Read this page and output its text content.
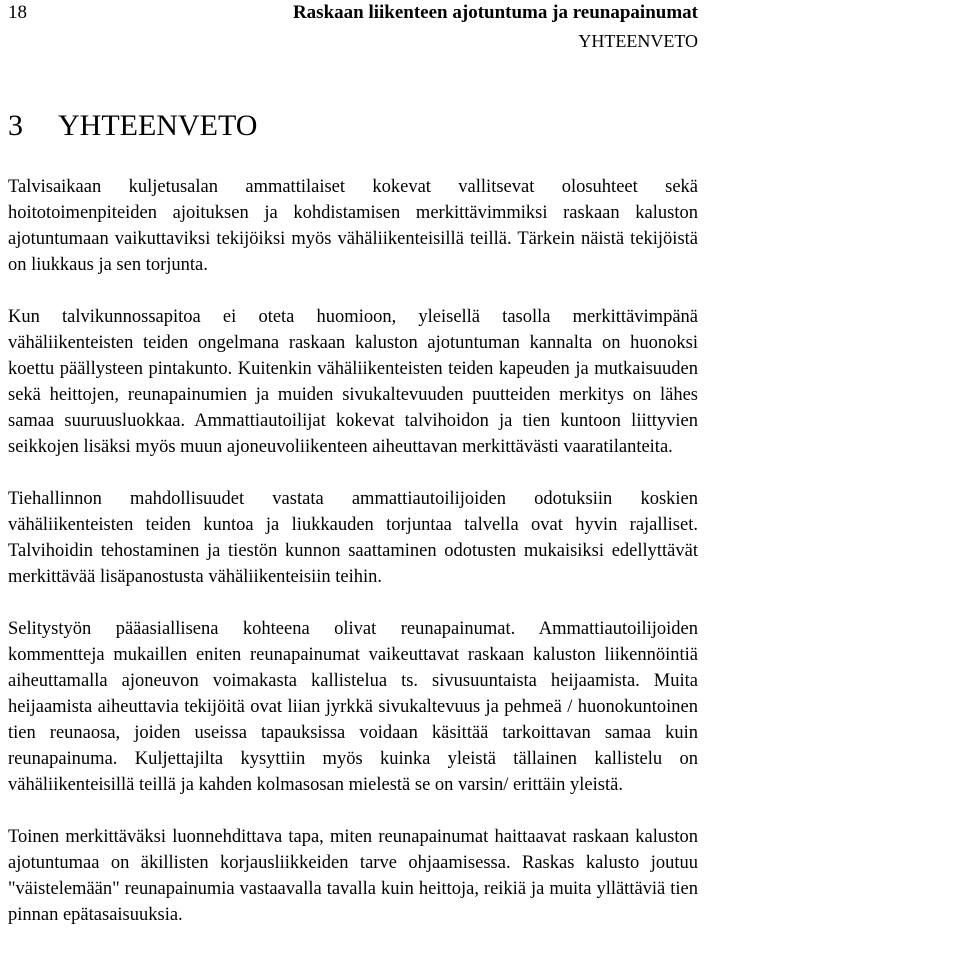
18	Raskaan liikenteen ajotuntuma ja reunapainumat
YHTEENVETO
3 YHTEENVETO

Talvisaikaan kuljetusalan ammattilaiset kokevat vallitsevat olosuhteet sekä hoitotoimenpiteiden ajoituksen ja kohdistamisen merkittävimmiksi raskaan kaluston ajotuntumaan vaikuttaviksi tekijöiksi myös vähäliikenteisillä teillä. Tärkein näistä tekijöistä on liukkaus ja sen torjunta.

Kun talvikunnossapitoa ei oteta huomioon, yleisellä tasolla merkittävimpänä vähäliikenteisten teiden ongelmana raskaan kaluston ajotuntuman kannalta on huonoksi koettu päällysteen pintakunto. Kuitenkin vähäliikenteisten teiden kapeuden ja mutkaisuuden sekä heittojen, reunapainumien ja muiden sivukaltevuuden puutteiden merkitys on lähes samaa suuruusluokkaa. Ammattiautoilijat kokevat talvihoidon ja tien kuntoon liittyvien seikkojen lisäksi myös muun ajoneuvoliikenteen aiheuttavan merkittävästi vaaratilanteita.

Tiehallinnon mahdollisuudet vastata ammattiautoilijoiden odotuksiin koskien vähäliikenteisten teiden kuntoa ja liukkauden torjuntaa talvella ovat hyvin rajalliset. Talvihoidin tehostaminen ja tiestön kunnon saattaminen odotusten mukaisiksi edellyttävät merkittävää lisäpanostusta vähäliikenteisiin teihin.

Selitystyön pääasiallisena kohteena olivat reunapainumat. Ammattiautoilijoiden kommentteja mukaillen eniten reunapainumat vaikeuttavat raskaan kaluston liikennöintiä aiheuttamalla ajoneuvon voimakasta kallistelua ts. sivusuuntaista heijaamista. Muita heijaamista aiheuttavia tekijöitä ovat liian jyrkkä sivukaltevuus ja pehmeä / huonokuntoinen tien reunaosa, joiden useissa tapauksissa voidaan käsittää tarkoittavan samaa kuin reunapainuma. Kuljettajilta kysyttiin myös kuinka yleistä tällainen kallistelu on vähäliikenteisillä teillä ja kahden kolmasosan mielestä se on varsin/ erittäin yleistä.

Toinen merkittäväksi luonnehdittava tapa, miten reunapainumat haittaavat raskaan kaluston ajotuntumaa on äkillisten korjausliikkeiden tarve ohjaamisessa. Raskas kalusto joutuu "väistelemään" reunapainumia vastaavalla tavalla kuin heittoja, reikiä ja muita yllättäviä tien pinnan epätasaisuuksia.
